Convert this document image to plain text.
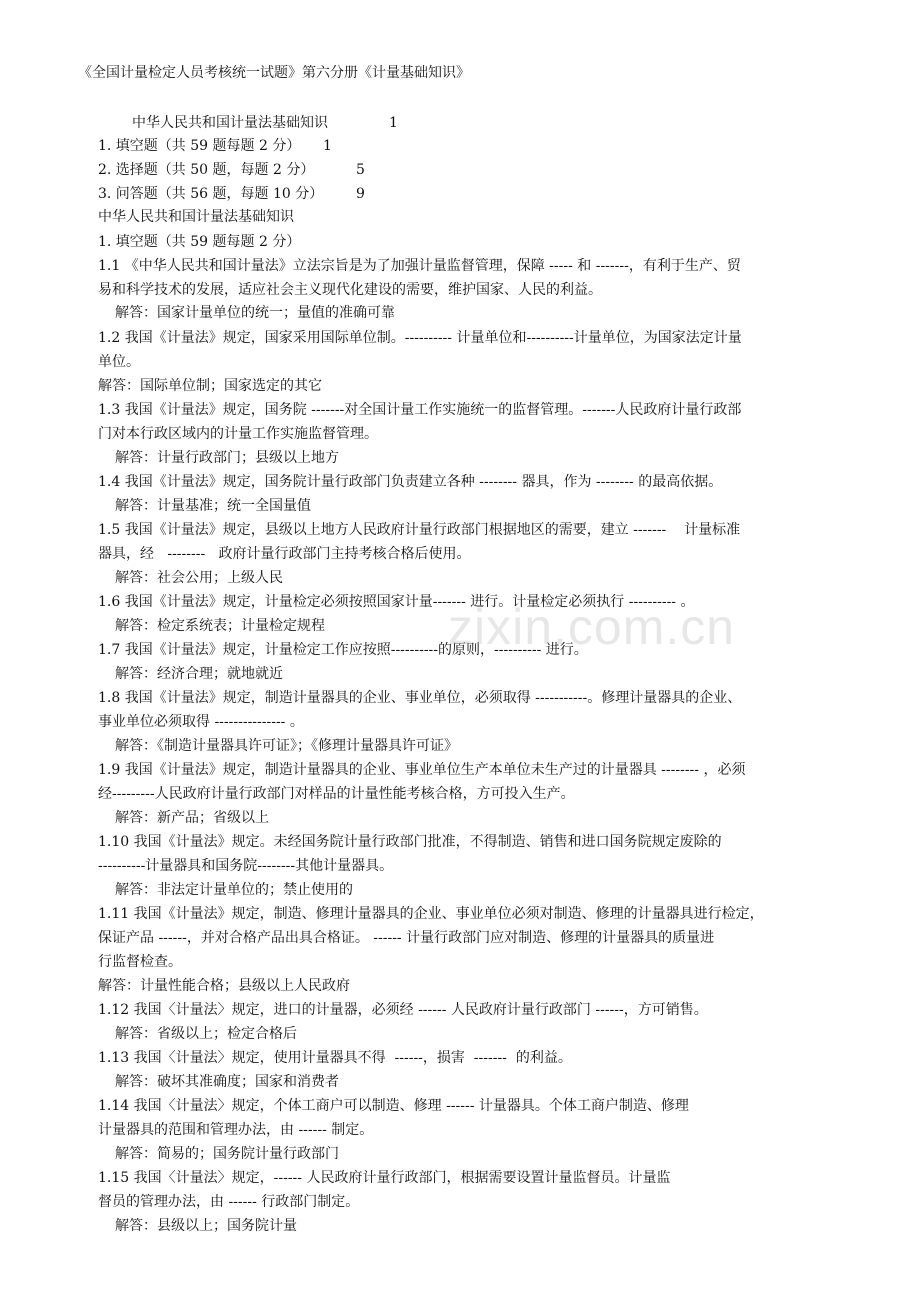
《全国计量检定人员考核统一试题》第六分册《计量基础知识》
中华人民共和国计量法基础知识	1
1. 填空题（共 59 题每题 2 分） 1
2. 选择题（共 50 题，每题 2 分）	5
3. 问答题（共 56 题，每题 10 分） 9
中华人民共和国计量法基础知识
1. 填空题（共 59 题每题 2 分）
1.1 《中华人民共和国计量法》立法宗旨是为了加强计量监督管理，保障 ----- 和 -------，有利于生产、贸
易和科学技术的发展，适应社会主义现代化建设的需要，维护国家、人民的利益。
解答：国家计量单位的统一；量值的准确可靠
1.2 我国《计量法》规定，国家采用国际单位制。---------- 计量单位和----------计量单位，为国家法定计量
单位。
解答：国际单位制；国家选定的其它
1.3 我国《计量法》规定，国务院 -------对全国计量工作实施统一的监督管理。-------人民政府计量行政部
门对本行政区域内的计量工作实施监督管理。
解答：计量行政部门；县级以上地方
1.4 我国《计量法》规定，国务院计量行政部门负责建立各种 -------- 器具，作为 -------- 的最高依据。
解答：计量基准；统一全国量值
1.5 我国《计量法》规定，县级以上地方人民政府计量行政部门根据地区的需要，建立 -------    计量标准
器具，经   --------   政府计量行政部门主持考核合格后使用。
解答：社会公用；上级人民
1.6 我国《计量法》规定，计量检定必须按照国家计量------- 进行。计量检定必须执行 ---------- 。
解答：检定系统表；计量检定规程
1.7 我国《计量法》规定，计量检定工作应按照----------的原则，---------- 进行。
解答：经济合理；就地就近
1.8 我国《计量法》规定，制造计量器具的企业、事业单位，必须取得 -----------。修理计量器具的企业、
事业单位必须取得 --------------- 。
解答：《制造计量器具许可证》；《修理计量器具许可证》
1.9 我国《计量法》规定，制造计量器具的企业、事业单位生产本单位未生产过的计量器具 -------- ，必须
经---------人民政府计量行政部门对样品的计量性能考核合格，方可投入生产。
解答：新产品；省级以上
1.10 我国《计量法》规定。未经国务院计量行政部门批准，不得制造、销售和进口国务院规定废除的
----------计量器具和国务院--------其他计量器具。
解答：非法定计量单位的；禁止使用的
1.11 我国《计量法》规定，制造、修理计量器具的企业、事业单位必须对制造、修理的计量器具进行检定，
保证产品 ------，并对合格产品出具合格证。 ------ 计量行政部门应对制造、修理的计量器具的质量进
行监督检查。
解答：计量性能合格；县级以上人民政府
1.12 我国〈计量法〉规定，进口的计量器，必须经 ------ 人民政府计量行政部门 ------，方可销售。
解答：省级以上；检定合格后
1.13 我国〈计量法〉规定，使用计量器具不得  ------，损害  -------  的利益。
解答：破坏其准确度；国家和消费者
1.14 我国〈计量法〉规定，个体工商户可以制造、修理 ------ 计量器具。个体工商户制造、修理
计量器具的范围和管理办法，由 ------ 制定。
解答：简易的；国务院计量行政部门
1.15 我国〈计量法〉规定，------ 人民政府计量行政部门，根据需要设置计量监督员。计量监
督员的管理办法，由 ------ 行政部门制定。
解答：县级以上；国务院计量
zixin.com.cn
